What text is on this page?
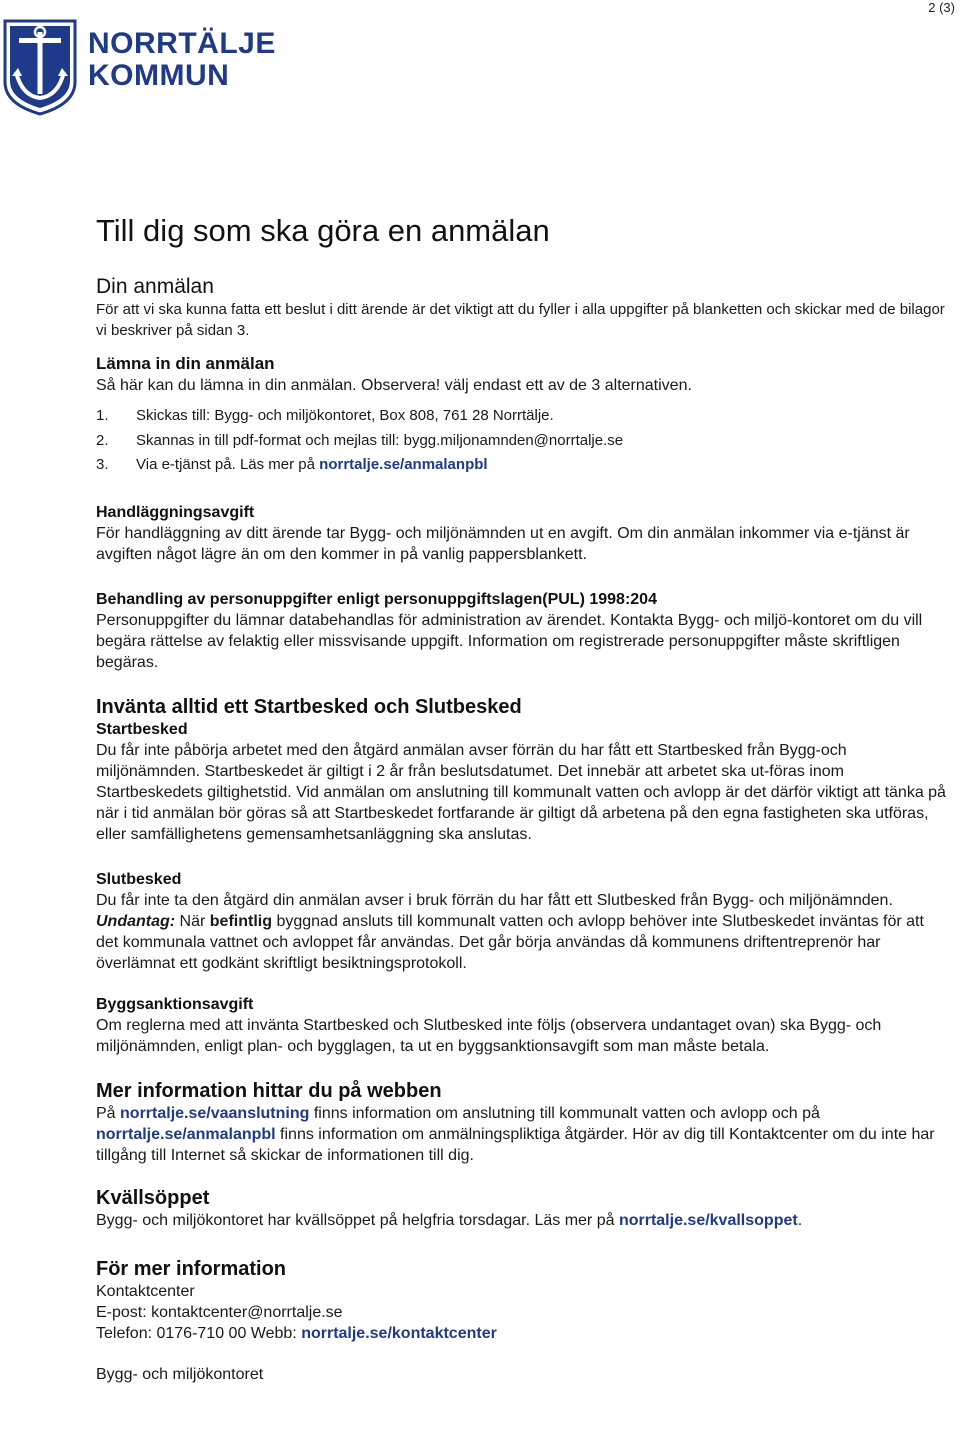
2 (3)
NORRTÄLJE
KOMMUN
Till dig som ska göra en anmälan
Din anmälan

För att vi ska kunna fatta ett beslut i ditt ärende är det viktigt att du fyller i alla uppgifter på blanketten och skickar med de bilagor vi beskriver på sidan 3.

Lämna in din anmälan

Så här kan du lämna in din anmälan. Observera! välj endast ett av de 3 alternativen.

1. Skickas till: Bygg- och miljökontoret, Box 808, 761 28 Norrtälje.
2. Skannas in till pdf-format och mejlas till: bygg.miljonamnden@norrtalje.se
3. Via e-tjänst på. Läs mer på norrtalje.se/anmalanpbl
Handläggningsavgift

För handläggning av ditt ärende tar Bygg- och miljönämnden ut en avgift. Om din anmälan inkommer via e-tjänst är avgiften något lägre än om den kommer in på vanlig pappersblankett.

Behandling av personuppgifter enligt personuppgiftslagen(PUL) 1998:204

Personuppgifter du lämnar databehandlas för administration av ärendet. Kontakta Bygg- och miljö-kontoret om du vill begära rättelse av felaktig eller missvisande uppgift. Information om registrerade personuppgifter måste skriftligen begäras.

Invänta alltid ett Startbesked och Slutbesked
Startbesked

Du får inte påbörja arbetet med den åtgärd anmälan avser förrän du har fått ett Startbesked från Bygg-och miljönämnden. Startbeskedet är giltigt i 2 år från beslutsdatumet. Det innebär att arbetet ska ut-föras inom Startbeskedets giltighetstid. Vid anmälan om anslutning till kommunalt vatten och avlopp är det därför viktigt att tänka på när i tid anmälan bör göras så att Startbeskedet fortfarande är giltigt då arbetena på den egna fastigheten ska utföras, eller samfällighetens gemensamhetsanläggning ska anslutas.

Slutbesked

Du får inte ta den åtgärd din anmälan avser i bruk förrän du har fått ett Slutbesked från Bygg- och miljönämnden. Undantag: När befintlig byggnad ansluts till kommunalt vatten och avlopp behöver inte Slutbeskedet inväntas för att det kommunala vattnet och avloppet får användas. Det går börja användas då kommunens driftentreprenör har överlämnat ett godkänt skriftligt besiktningsprotokoll.

Byggsanktionsavgift

Om reglerna med att invänta Startbesked och Slutbesked inte följs (observera undantaget ovan) ska Bygg- och miljönämnden, enligt plan- och bygglagen, ta ut en byggsanktionsavgift som man måste betala.

Mer information hittar du på webben

På norrtalje.se/vaanslutning finns information om anslutning till kommunalt vatten och avlopp och på norrtalje.se/anmalanpbl finns information om anmälningspliktiga åtgärder. Hör av dig till Kontaktcenter om du inte har tillgång till Internet så skickar de informationen till dig.

Kvällsöppet

Bygg- och miljökontoret har kvällsöppet på helgfria torsdagar. Läs mer på norrtalje.se/kvallsoppet.

För mer information

Kontaktcenter

E-post: kontaktcenter@norrtalje.se

Telefon: 0176-710 00 Webb: norrtalje.se/kontaktcenter

Bygg- och miljökontoret
